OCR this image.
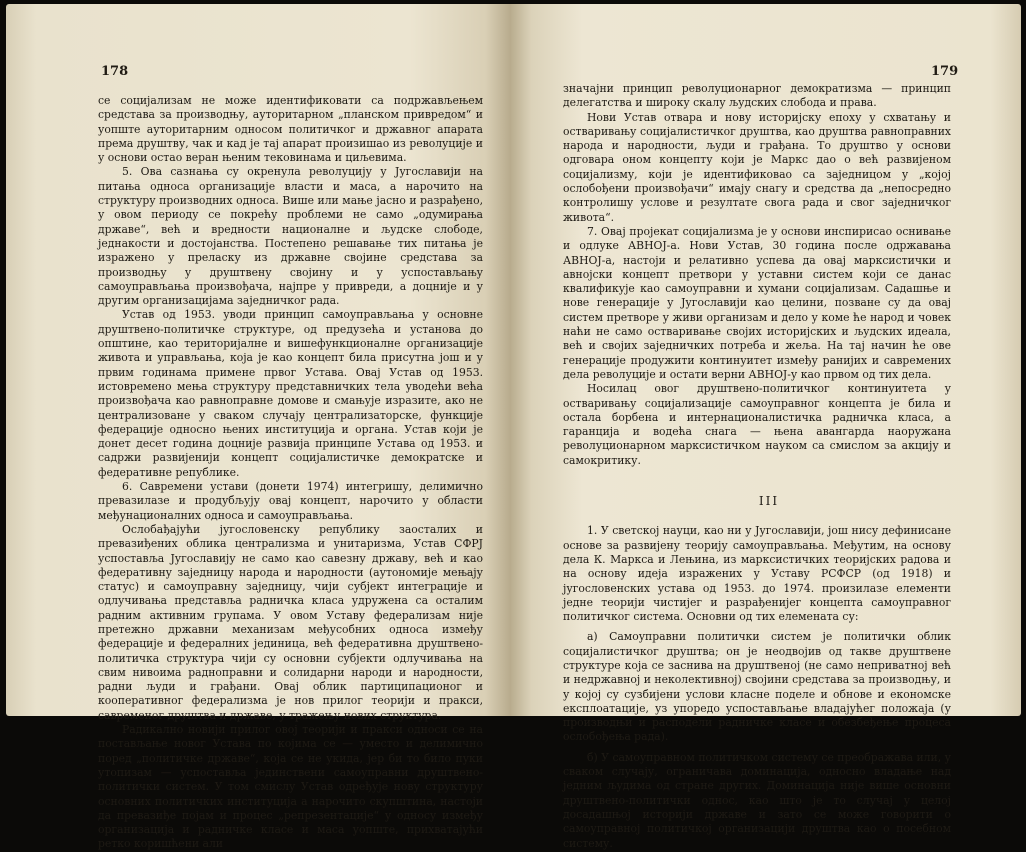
178

се социјализам не може идентификовати са подржављењем средстава за производњу, ауторитарном „планском привредом“ и уопште ауторитарним односом политичког и државног апарата према друштву, чак и кад је тај апарат произишао из револуције и у основи остао веран њеним тековинама и циљевима.

5. Ова сазнања су окренула револуцију у Југославији на питања односа организације власти и маса, а нарочито на структуру производних односа. Више или мање јасно и разрађено, у овом периоду се покрећу проблеми не само „одумирања државе“, већ и вредности националне и људске слободе, једнакости и достојанства. Постепено решавање тих питања је изражено у преласку из државне својине средстава за производњу у друштвену својину и у успостављању самоуправљања произвођача, најпре у привреди, а доцније и у другим организацијама заједничког рада.

Устав од 1953. уводи принцип самоуправљања у основне друштвено-политичке структуре, од предузећа и установа до општине, као територијалне и вишефункционалне организације живота и управљања, која је као концепт била присутна још и у првим годинама примене првог Устава. Овај Устав од 1953. истовремено мења структуру представничких тела уводећи већа произвођача као равноправне домове и смањује изразите, ако не централизоване у сваком случају централизаторске, функције федерације односно њених институција и органа. Устав који је донет десет година доцније развија принципе Устава од 1953. и садржи развијенији концепт социјалистичке демократске и федеративне републике.

6. Савремени устави (донети 1974) интегришу, делимично превазилазе и продубљују овај концепт, нарочито у области међунационалних односа и самоуправљања.

Ослобађајући југословенску републику заосталих и превазиђених облика централизма и унитаризма, Устав СФРЈ успоставља Југославију не само као савезну државу, већ и као федеративну заједницу народа и народности (аутономије мењају статус) и самоуправну заједницу, чији субјект интеграције и одлучивања представља радничка класа удружена са осталим радним активним групама. У овом Уставу федерализам није претежно државни механизам међусобних односа између федерације и федералних јединица, већ федеративна друштвено-политичка структура чији су основни субјекти одлучивања на свим нивоима радноправни и солидарни народи и народности, радни људи и грађани. Овај облик партиципационог и кооперативног федерализма је нов прилог теорији и пракси, савременог друштва и државе, у тражењу нових структура.

Радикално новији прилог овој теорији и пракси односи се на постављање новог Устава по којима се — уместо и делимично поред „политичке државе“, која се не укида, јер би то било пуки утопизам — успоставља јединствени самоуправни друштвено-политички систем. У том смислу Устав одређује нову структуру основних политичких институција а нарочито скупштина, настоји да превазиђе појам и процес „репрезентације“ у односу између организација и радничке класе и маса уопште, прихватајући ретко коришћени али

179

значајни принцип револуционарног демократизма — принцип делегатства и широку скалу људских слобода и права.

Нови Устав отвара и нову историјску епоху у схватању и остваривању социјалистичког друштва, као друштва равноправних народа и народности, људи и грађана. То друштво у основи одговара оном концепту који је Маркс дао о већ развијеном социјализму, који је идентификовао са заједницом у „којој ослобођени произвођачи“ имају снагу и средства да „непосредно контролишу услове и резултате свога рада и свог заједничког живота“.

7. Овај пројекат социјализма је у основи инспирисао оснивање и одлуке АВНОЈ-а. Нови Устав, 30 година после одржавања АВНОЈ-а, настоји и релативно успева да овај марксистички и авнојски концепт претвори у уставни систем који се данас квалификује као самоуправни и хумани социјализам. Садашње и нове генерације у Југославији као целини, позване су да овај систем претворе у живи организам и дело у коме ће народ и човек наћи не само остваривање својих историјских и људских идеала, већ и својих заједничких потреба и жеља. На тај начин ће ове генерације продужити континуитет између ранијих и савремених дела револуције и остати верни АВНОЈ-у као првом од тих дела.

Носилац овог друштвено-политичког континуитета у остваривању социјализације самоуправног концепта је била и остала борбена и интернационалистичка радничка класа, а гаранција и водећа снага — њена авангарда наоружана револуционарном марксистичком науком са смислом за акцију и самокритику.

III

1. У светској науци, као ни у Југославији, још нису дефинисане основе за развијену теорију самоуправљања. Међутим, на основу дела К. Маркса и Лењина, из марксистичких теоријских радова и на основу идеја изражених у Уставу РСФСР (од 1918) и југословенских устава од 1953. до 1974. произилазе елементи једне теорији чистијег и разрађенијег концепта самоуправног политичког система. Основни од тих елемената су:

а) Самоуправни политички систем је политички облик социјалистичког друштва; он је неодвојив од такве друштвене структуре која се заснива на друштвеној (не само неприватној већ и недржавној и неколективној) својини средстава за производњу, и у којој су сузбијени услови класне поделе и обнове и економске експлоатације, уз упоредо успостављање владајућег положаја (у производњи и расподели радничке класе и обезбеђење процеса ослобођења рада).

б) У самоуправном политичком систему се преображава или, у сваком случају, ограничава доминација, односно владање над једним људима од стране других. Доминација није више основни друштвено-политички однос, као што је то случај у целој досадашњој историји државе и зато се може говорити о самоуправној политичкој организацији друштва као о посебном систему.
